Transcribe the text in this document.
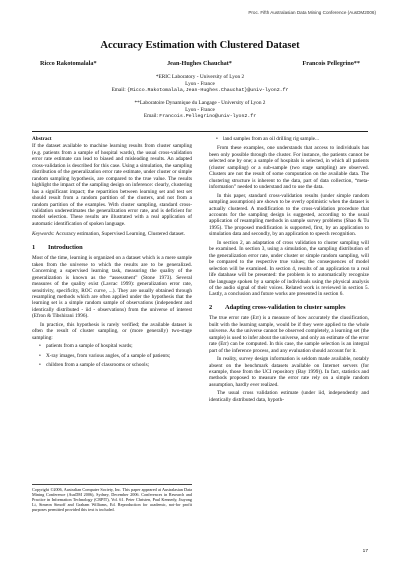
Proc. Fifth Australasian Data Mining Conference (AusDM2006)
Accuracy Estimation with Clustered Dataset
Ricco Rakotomalala*	Jean-Hughes Chauchat*	Francois Pellegrino**
*ERIC Laboratory - University of Lyon 2
Lyon - France
Email: {Ricco.Rakotomalala,Jean-Hughes.Chauchat}@univ-lyon2.fr
**Laboratoire Dynamique du Langage - University of Lyon 2
Lyon - France
Email: Francois.Pellegrino@univ-lyon2.fr

Abstract

If the dataset available to machine learning results from cluster sampling (e.g. patients from a sample of hospital wards), the usual cross-validation error rate estimate can lead to biased and misleading results. An adapted cross-validation is described for this case. Using a simulation, the sampling distribution of the generalization error rate estimate, under cluster or simple random sampling hypothesis, are compared to the true value. The results highlight the impact of the sampling design on inference: clearly, clustering has a significant impact; the repartition between learning set and test set should result from a random partition of the clusters, and not from a random partition of the examples. With cluster sampling, standard cross-validation underestimates the generalization error rate, and is deficient for model selection. These results are illustrated with a real application of automatic identification of spoken language.

Keywords: Accuracy estimation, Supervised Learning, Clustered dataset.

1	Introduction

Most of the time, learning is organized on a dataset which is a mere sample taken from the universe to which the results are to be generalized. Concerning a supervised learning task, measuring the quality of the generalization is known as the “assessment” (Stone 1973). Several measures of the quality exist (Lavrac 1999): generalization error rate, sensitivity, specificity, ROC curve, ...). They are usually obtained through resampling methods which are often applied under the hypothesis that the learning set is a simple random sample of observations (independent and identically distributed - iid - observations) from the universe of interest (Efron & Tibshirani 1996).

In practice, this hypothesis is rarely verified; the available dataset is often the result of cluster sampling, or (more generally) two-stage sampling:

• patients from a sample of hospital wards;
• X-ray images, from various angles, of a sample of patients;
• children from a sample of classrooms or schools;
Copyright ©2006, Australian Computer Society, Inc. This paper appeared at Australasian Data Mining Conference (AusDM 2006), Sydney, December 2006. Conferences in Research and Practice in Information Technology (CRPIT), Vol. 61. Peter Christen, Paul Kennedy, Jiuyong Li, Simeon Simoff and Graham Williams, Ed. Reproduction for academic, not-for profit purposes permitted provided this text is included.
• land samples from an oil drilling rig sample...

From these examples, one understands that access to individuals has been only possible through the cluster. For instance, the patients cannot be selected one by one; a sample of hospitals is selected, in which all patients (cluster sampling) or a sub-sample (two stage sampling) are observed. Clusters are not the result of some computation on the available data. The clustering structure is inherent to the data, part of data collection, “meta-information” needed to understand and to use the data.

In this paper, standard cross-validation results (under simple random sampling assumption) are shown to be overly optimistic when the dataset is actually clustered. A modification to the cross-validation procedure that accounts for the sampling design is suggested, according to the usual application of resampling methods in sample survey problems (Shao & Tu 1995). The proposed modification is supported, first, by an application to simulation data and secondly, by an application to speech recognition.

In section 2, an adaptation of cross validation to cluster sampling will be examined. In section 3, using a simulation, the sampling distribution of the generalization error rate, under cluster or simple random sampling, will be compared to the respective true values; the consequences of model selection will be examined. In section 4, results of an application to a real life database will be presented: the problem is to automatically recognize the language spoken by a sample of individuals using the physical analysis of the audio signal of their voices. Related work is reviewed in section 5. Lastly, a conclusion and future works are presented in section 6.

2	Adapting cross-validation to cluster samples

The true error rate (Err) is a measure of how accurately the classification, built with the learning sample, would be if they were applied to the whole universe. As the universe cannot be observed completely, a learning set (the sample) is used to infer about the universe, and only an estimate of the error rate (Err) can be computed. In this case, the sample selection is an integral part of the inference process, and any evaluation should account for it.

In reality, survey design information is seldom made available, notably absent on the benchmark datasets available on Internet servers (for example, those from the UCI repository (Bay 1999)). In fact, statistics and methods proposed to measure the error rate rely on a simple random assumption, hardly ever realized.

The usual cross validation estimate (under iid, independently and identically distributed data, hypoth-

17
